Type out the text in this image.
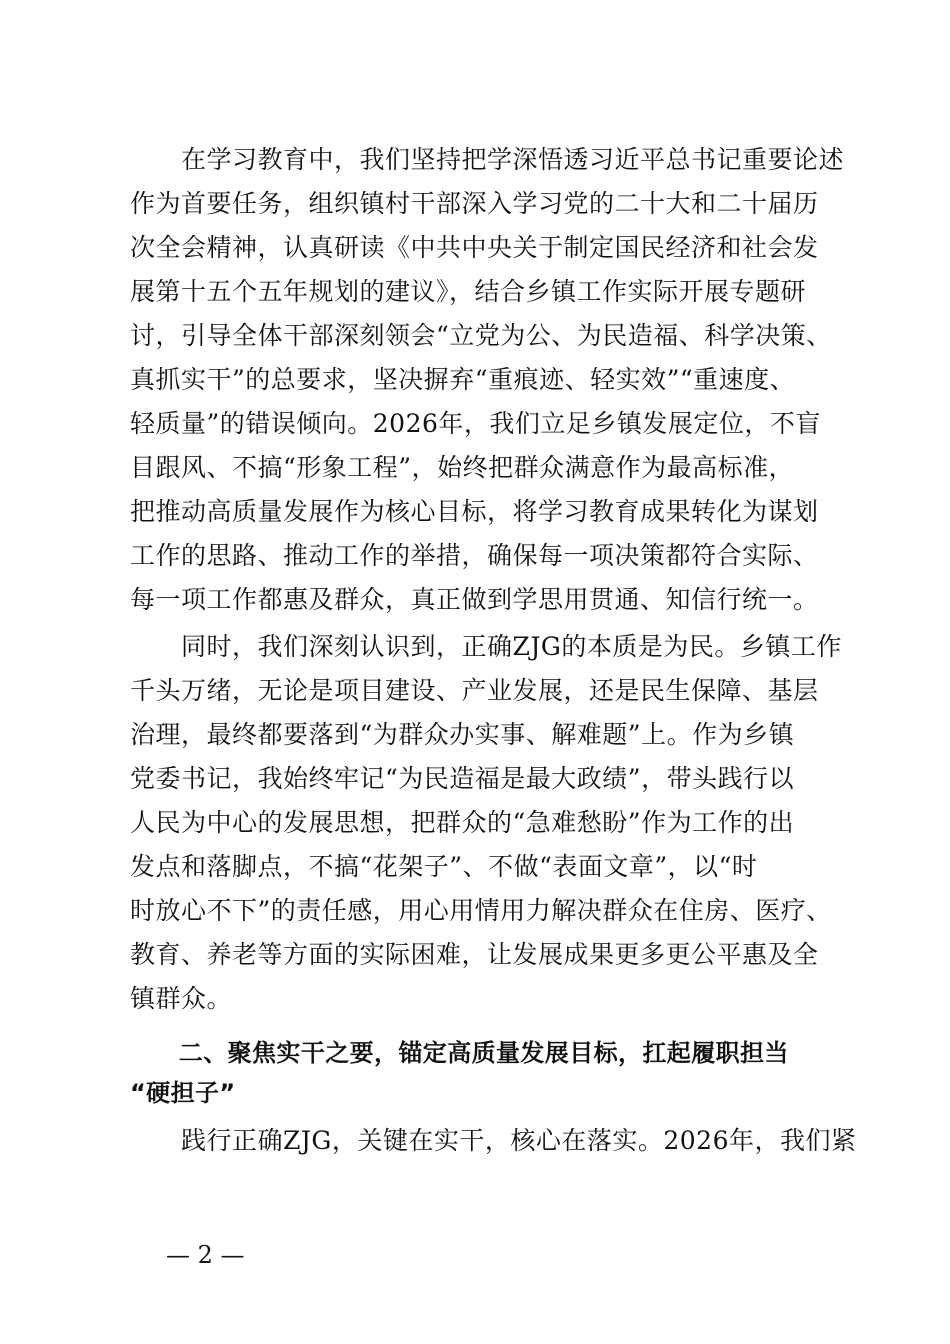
　　在学习教育中，我们坚持把学深悟透习近平总书记重要论述
作为首要任务，组织镇村干部深入学习党的二十大和二十届历
次全会精神，认真研读《中共中央关于制定国民经济和社会发
展第十五个五年规划的建议》，结合乡镇工作实际开展专题研
讨，引导全体干部深刻领会“立党为公、为民造福、科学决策、
真抓实干”的总要求，坚决摒弃“重痕迹、轻实效”“重速度、
轻质量”的错误倾向。2026年，我们立足乡镇发展定位，不盲
目跟风、不搞“形象工程”，始终把群众满意作为最高标准，
把推动高质量发展作为核心目标，将学习教育成果转化为谋划
工作的思路、推动工作的举措，确保每一项决策都符合实际、
每一项工作都惠及群众，真正做到学思用贯通、知信行统一。
　　同时，我们深刻认识到，正确ZJG的本质是为民。乡镇工作
千头万绪，无论是项目建设、产业发展，还是民生保障、基层
治理，最终都要落到“为群众办实事、解难题”上。作为乡镇
党委书记，我始终牢记“为民造福是最大政绩”，带头践行以
人民为中心的发展思想，把群众的“急难愁盼”作为工作的出
发点和落脚点，不搞“花架子”、不做“表面文章”，以“时
时放心不下”的责任感，用心用情用力解决群众在住房、医疗、
教育、养老等方面的实际困难，让发展成果更多更公平惠及全
镇群众。
　　二、聚焦实干之要，锚定高质量发展目标，扛起履职担当
“硬担子”
　　践行正确ZJG，关键在实干，核心在落实。2026年，我们紧
— 2 —
